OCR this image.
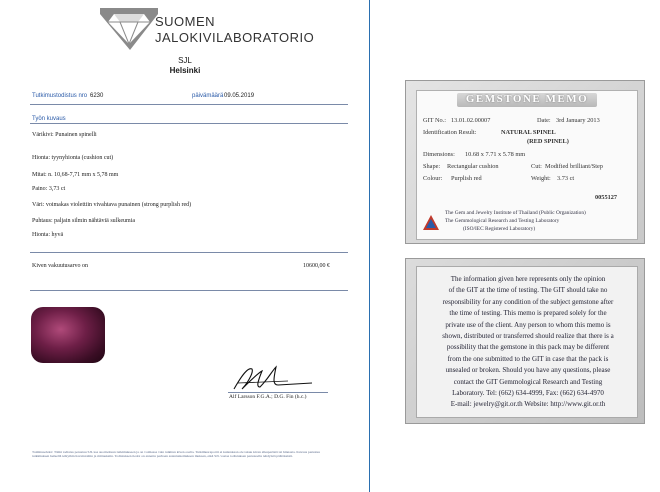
SUOMEN
JALOKIVILABORATORIO
SJL
Helsinki
Tutkimustodistus nro 6230	päivämäärä 09.05.2019
Työn kuvaus
Värikivi: Punainen spinelli
Hionta: tyynyhionta (cushion cut)
Mitat: n. 10,68-7,71 mm x 5,78 mm
Paino: 3,73 ct
Väri: voimakas violettiin vivahtava punainen (strong purplish red)
Puhtaus: paljain silmin nähtäviä sulkeumia
Hionta: hyvä
Kiven vakuutusarvo on	10600,00 €
Alf Larsson F.G.A.; D.G. Fin (h.c.)
Toimitusehdot: Tämä todistus perustuu SJL:ssa suoritettuun tutkimukseen ja on voimassa vain tutkitun kiven osalta. Tutkimusraportti ei kuitenkaan ole takuu kiven alkuperästä tai hinnasta. Kuvaus perustuu tutkimuksen hetkellä tehtyihin havaintoihin ja mittauksiin. Todistuksen tiedot on annettu parhaan asiantuntemuksen mukaan, eikä SJL vastaa todistuksen perusteella tehdyistä päätöksistä.
GEMSTONE MEMO
GIT No.: 13.01.02.00007	Date: 3rd January 2013
Identification Result:	NATURAL SPINEL
(RED SPINEL)
Dimensions: 10.68 x 7.71 x 5.78 mm
Shape: Rectangular cushion	Cut: Modified brilliant/Step
Colour: Purplish red	Weight: 3.73 ct
0055127
The Gem and Jewelry Institute of Thailand (Public Organization)
The Gemmological Research and Testing Laboratory
(ISO/IEC Registered Laboratory)
The information given here represents only the opinion
of the GIT at the time of testing. The GIT should take no
responsibility for any condition of the subject gemstone after
the time of testing. This memo is prepared solely for the
private use of the client. Any person to whom this memo is
shown, distributed or transferred should realize that there is a
possibility that the gemstone in this pack may be different
from the one submitted to the GIT in case that the pack is
unsealed or broken. Should you have any questions, please
contact the GIT Gemmological Research and Testing
Laboratory. Tel: (662) 634-4999, Fax: (662) 634-4970
E-mail: jewelry@git.or.th Website: http://www.git.or.th
